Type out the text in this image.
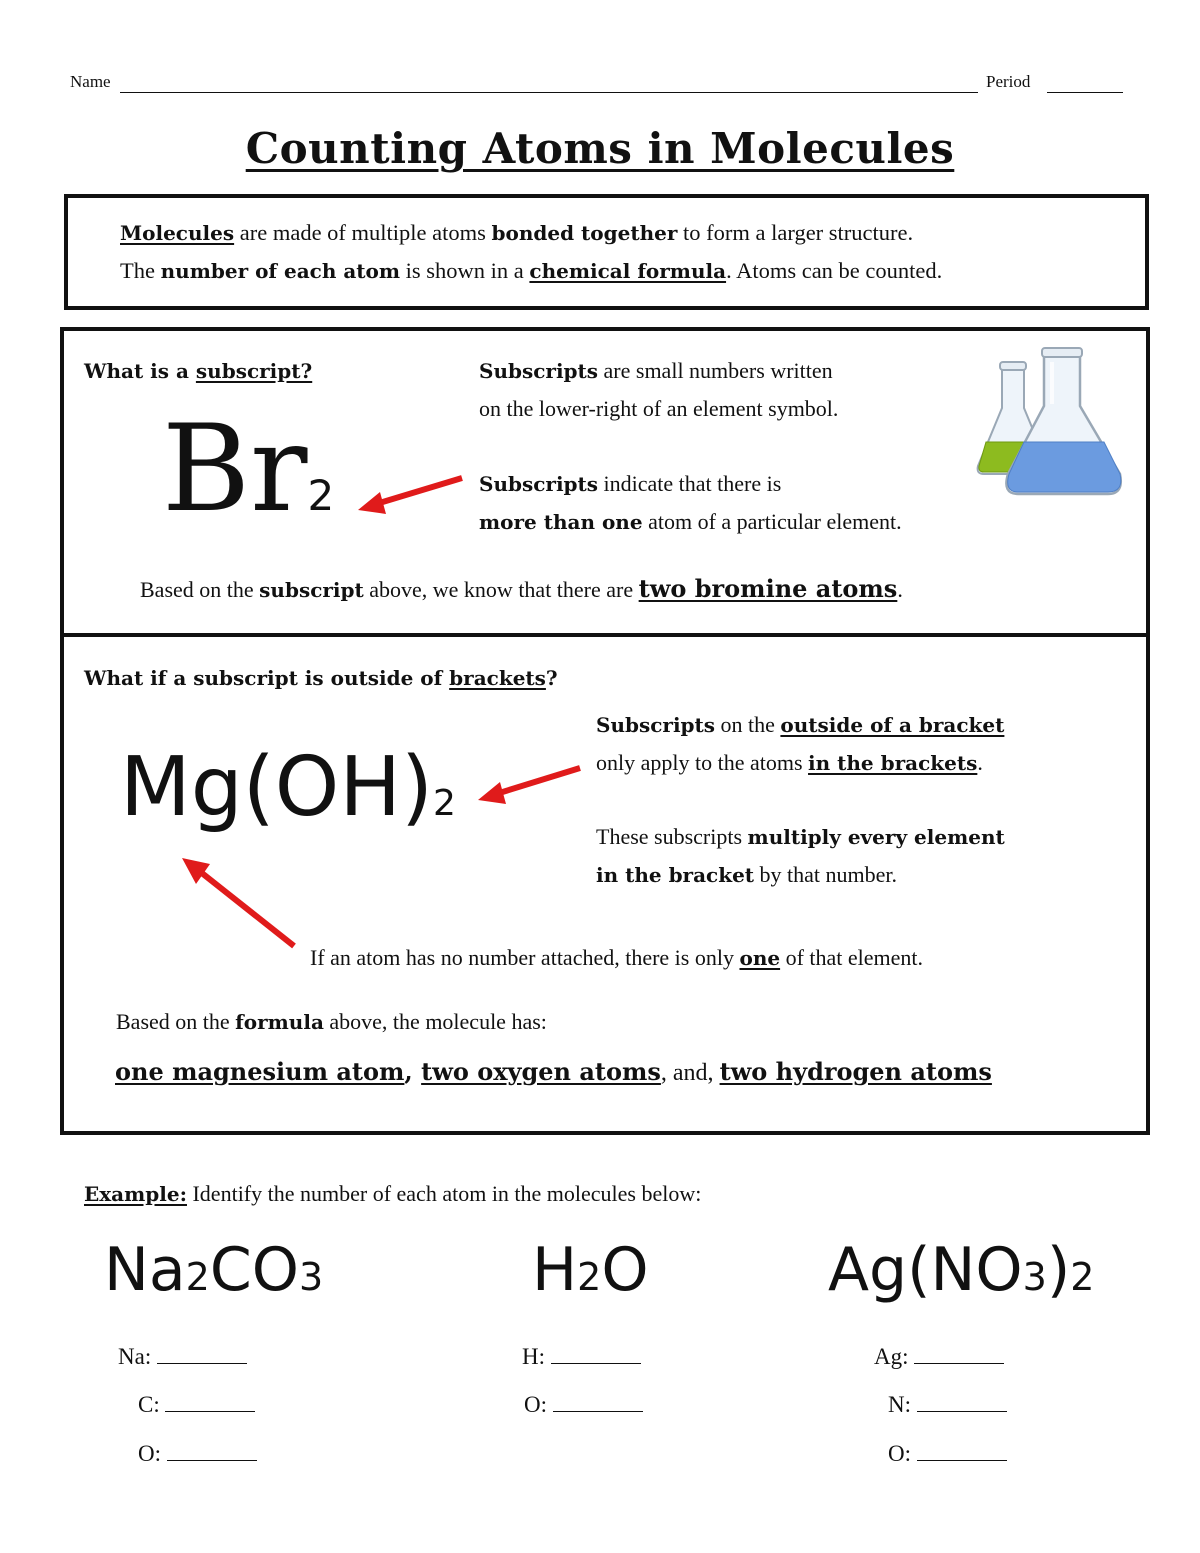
Name	Period
Counting Atoms in Molecules
Molecules are made of multiple atoms bonded together to form a larger structure.
The number of each atom is shown in a chemical formula. Atoms can be counted.
What is a subscript?
Br2
Subscripts are small numbers written
on the lower-right of an element symbol.
Subscripts indicate that there is
more than one atom of a particular element.
Based on the subscript above, we know that there are two bromine atoms.
What if a subscript is outside of brackets?
Mg(OH)2
Subscripts on the outside of a bracket
only apply to the atoms in the brackets.
These subscripts multiply every element
in the bracket by that number.
If an atom has no number attached, there is only one of that element.
Based on the formula above, the molecule has:
one magnesium atom, two oxygen atoms, and, two hydrogen atoms
Example: Identify the number of each atom in the molecules below:
Na2CO3
Na:
C:
O:
H2O
H:
O:
Ag(NO3)2
Ag:
N:
O:
